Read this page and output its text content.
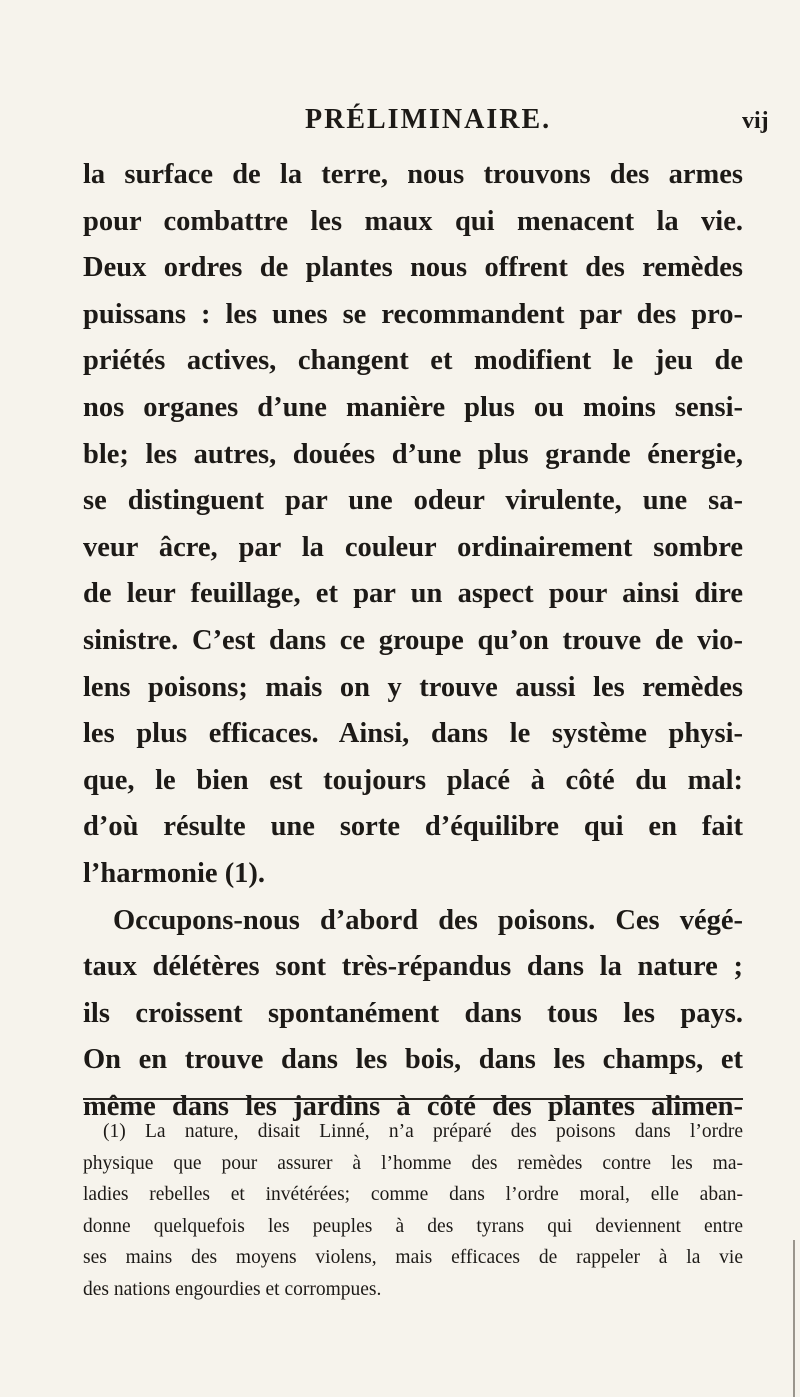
PRÉLIMINAIRE.	vij
la surface de la terre, nous trouvons des armes
pour combattre les maux qui menacent la vie.
Deux ordres de plantes nous offrent des remèdes
puissans : les unes se recommandent par des pro-
priétés actives, changent et modifient le jeu de
nos organes d’une manière plus ou moins sensi-
ble; les autres, douées d’une plus grande énergie,
se distinguent par une odeur virulente, une sa-
veur âcre, par la couleur ordinairement sombre
de leur feuillage, et par un aspect pour ainsi dire
sinistre. C’est dans ce groupe qu’on trouve de vio-
lens poisons; mais on y trouve aussi les remèdes
les plus efficaces. Ainsi, dans le système physi-
que, le bien est toujours placé à côté du mal:
d’où résulte une sorte d’équilibre qui en fait
l’harmonie (1).
Occupons-nous d’abord des poisons. Ces végé-
taux délétères sont très-répandus dans la nature ;
ils croissent spontanément dans tous les pays.
On en trouve dans les bois, dans les champs, et
même dans les jardins à côté des plantes alimen-
(1) La nature, disait Linné, n’a préparé des poisons dans l’ordre
physique que pour assurer à l’homme des remèdes contre les ma-
ladies rebelles et invétérées; comme dans l’ordre moral, elle aban-
donne quelquefois les peuples à des tyrans qui deviennent entre
ses mains des moyens violens, mais efficaces de rappeler à la vie
des nations engourdies et corrompues.
